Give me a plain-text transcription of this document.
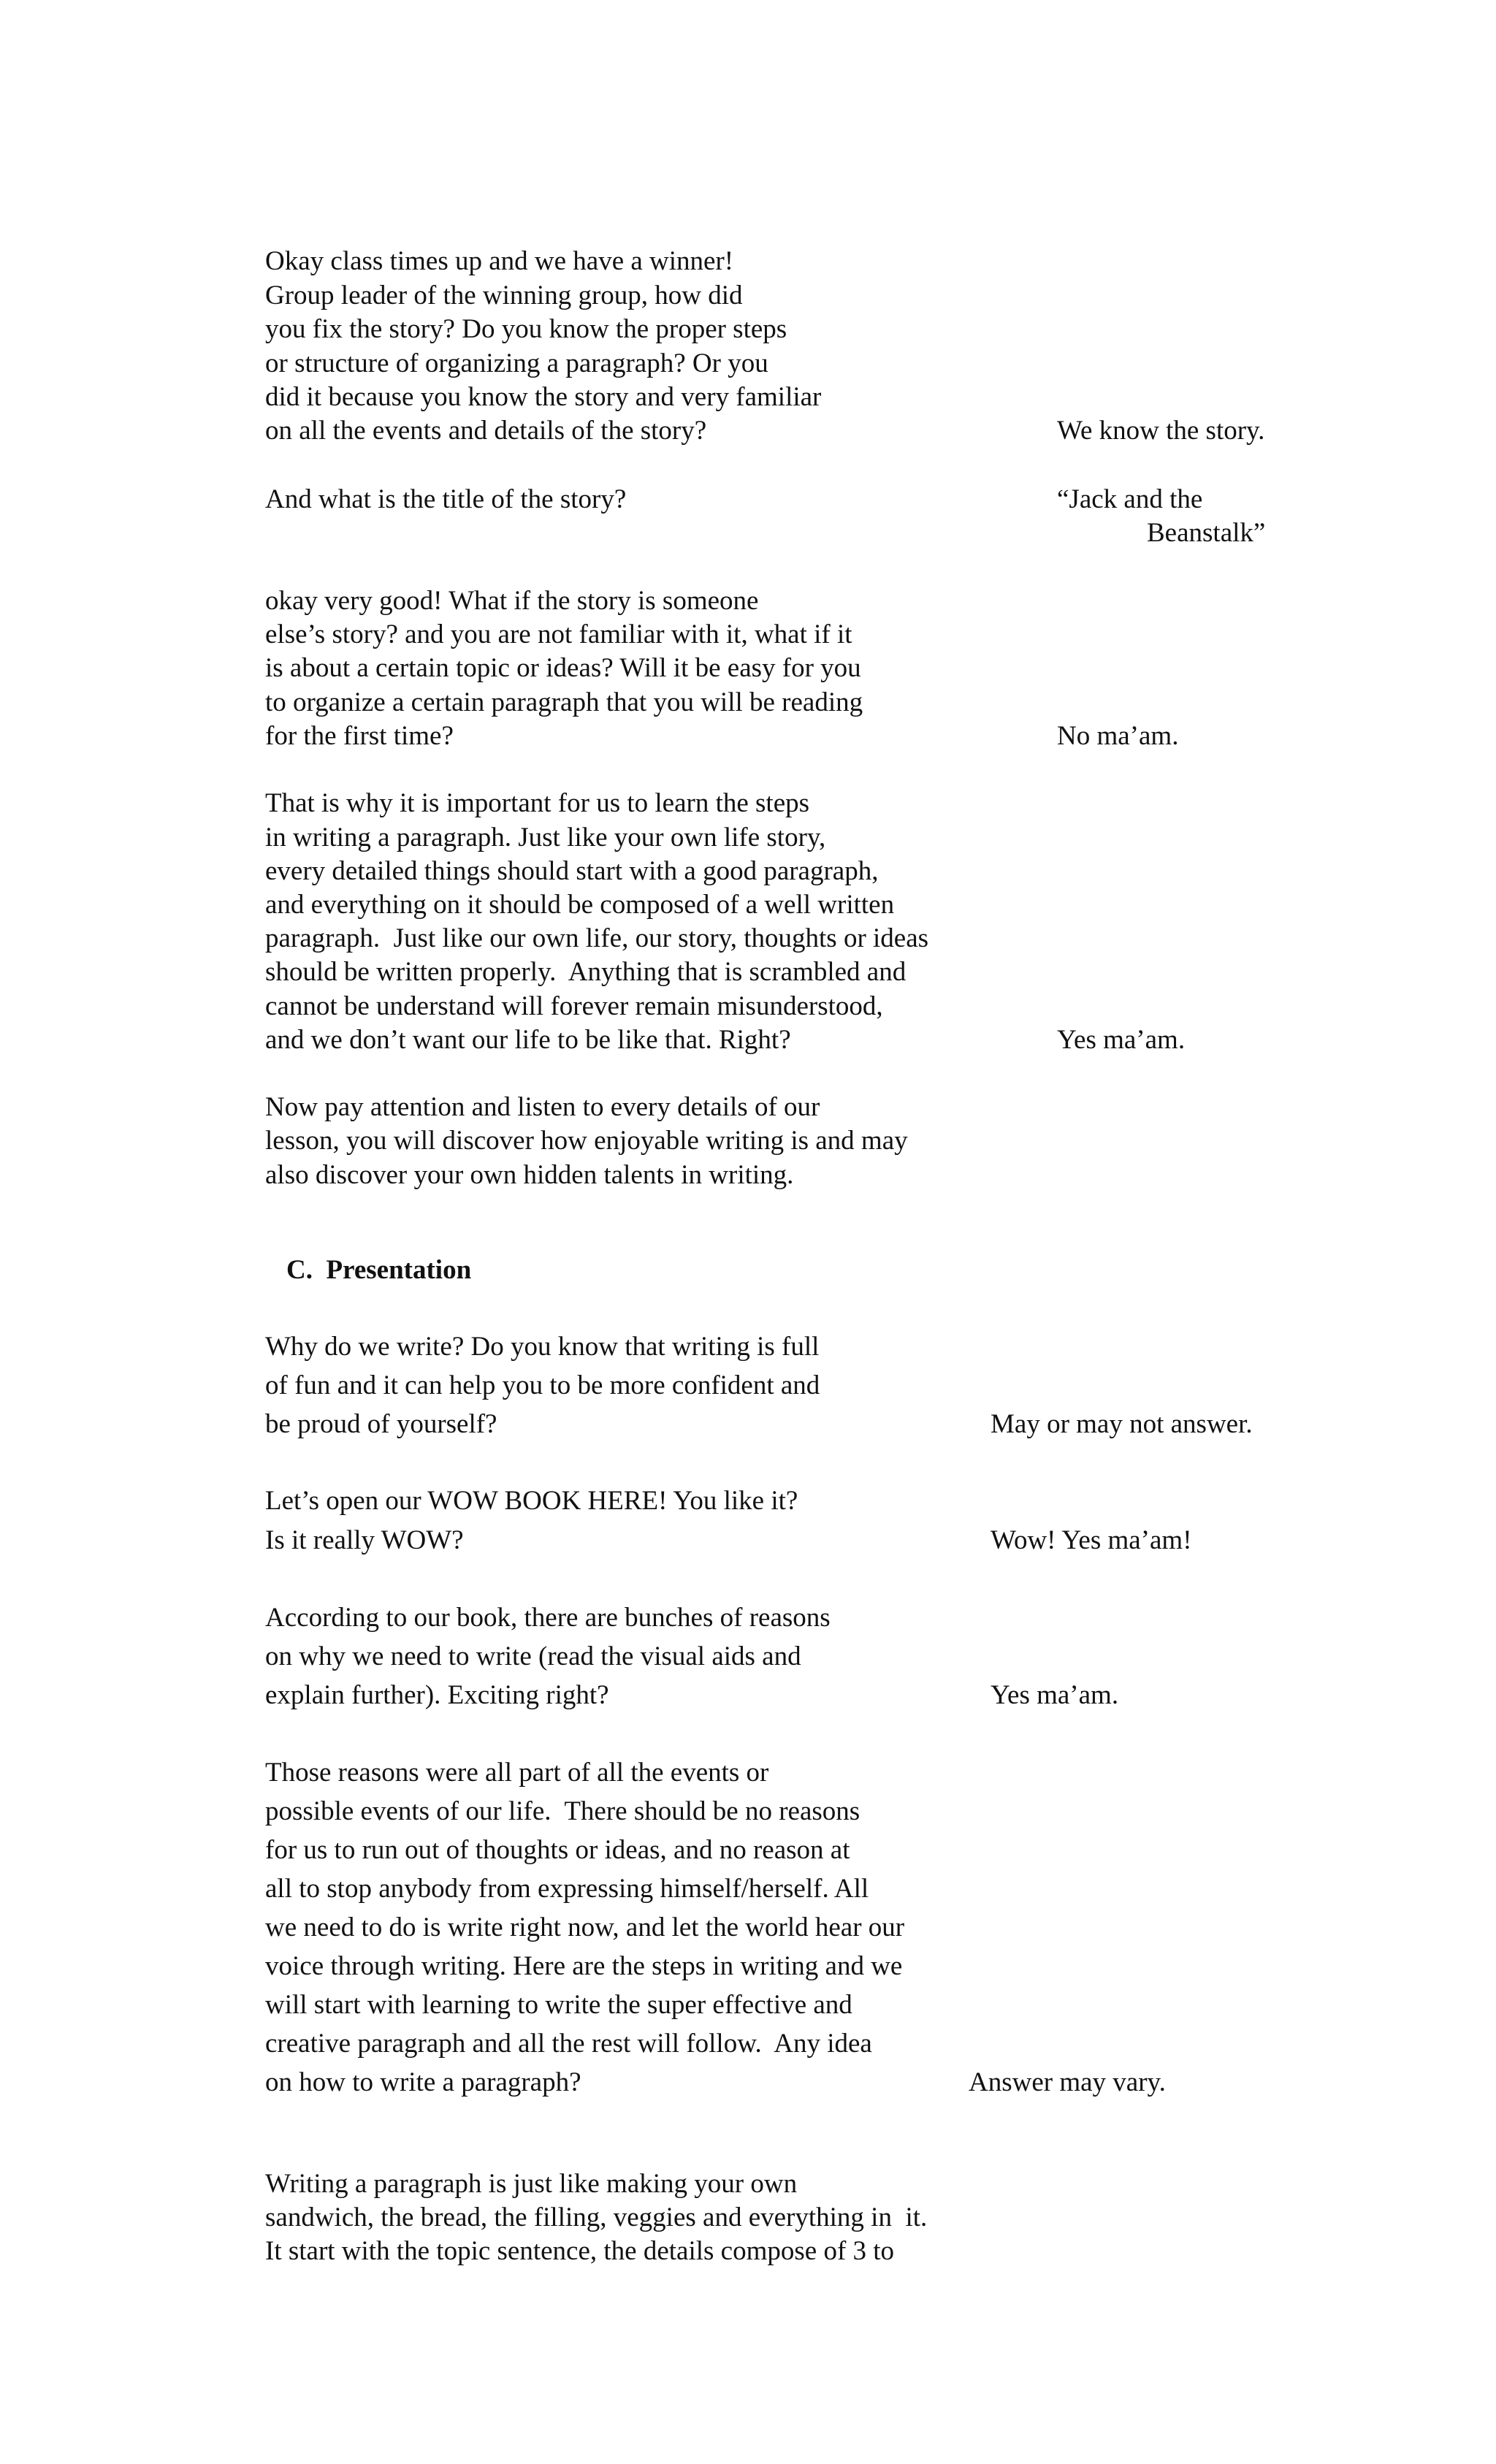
Okay class times up and we have a winner!
Group leader of the winning group, how did
you fix the story? Do you know the proper steps
or structure of organizing a paragraph? Or you
did it because you know the story and very familiar
on all the events and details of the story?	We know the story.
And what is the title of the story?	“Jack and the
Beanstalk”
okay very good! What if the story is someone
else’s story? and you are not familiar with it, what if it
is about a certain topic or ideas? Will it be easy for you
to organize a certain paragraph that you will be reading
for the first time?	No ma’am.
That is why it is important for us to learn the steps
in writing a paragraph. Just like your own life story,
every detailed things should start with a good paragraph,
and everything on it should be composed of a well written
paragraph.  Just like our own life, our story, thoughts or ideas
should be written properly.  Anything that is scrambled and
cannot be understand will forever remain misunderstood,
and we don’t want our life to be like that. Right?	Yes ma’am.
Now pay attention and listen to every details of our
lesson, you will discover how enjoyable writing is and may
also discover your own hidden talents in writing.
C.  Presentation
Why do we write? Do you know that writing is full
of fun and it can help you to be more confident and
be proud of yourself?	May or may not answer.
Let’s open our WOW BOOK HERE! You like it?
Is it really WOW?	Wow! Yes ma’am!
According to our book, there are bunches of reasons
on why we need to write (read the visual aids and
explain further). Exciting right?	Yes ma’am.
Those reasons were all part of all the events or
possible events of our life.  There should be no reasons
for us to run out of thoughts or ideas, and no reason at
all to stop anybody from expressing himself/herself. All
we need to do is write right now, and let the world hear our
voice through writing. Here are the steps in writing and we
will start with learning to write the super effective and
creative paragraph and all the rest will follow.  Any idea
on how to write a paragraph?	Answer may vary.
Writing a paragraph is just like making your own
sandwich, the bread, the filling, veggies and everything in  it.
It start with the topic sentence, the details compose of 3 to
